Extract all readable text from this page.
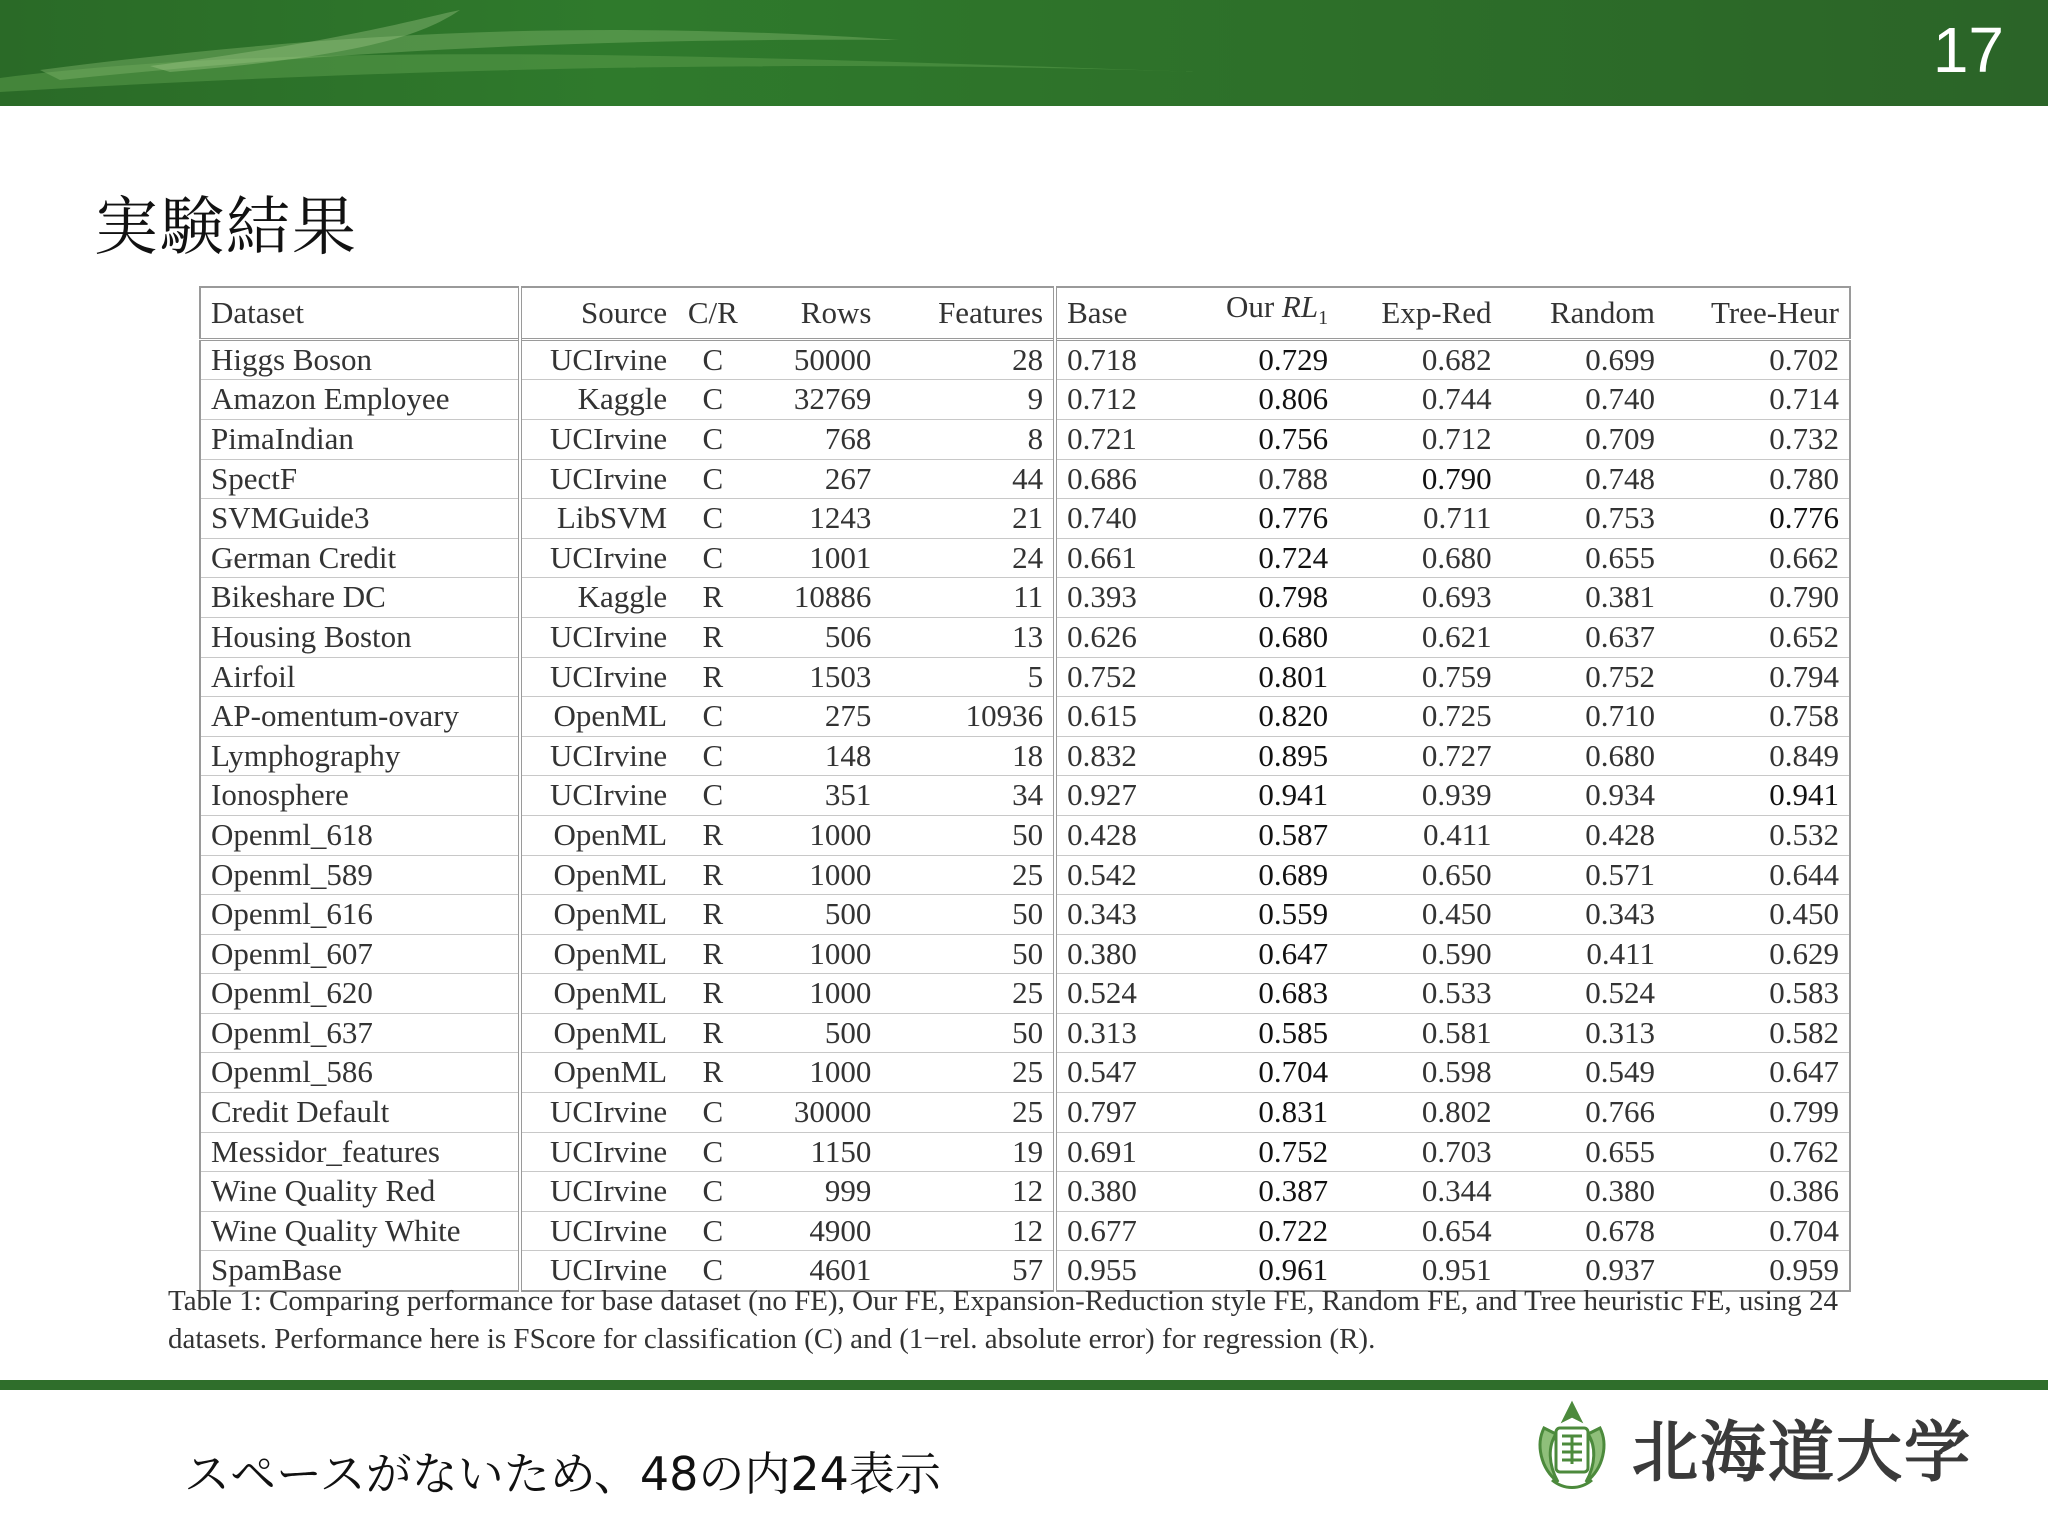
17
実験結果
Dataset	Source	C/R	Rows	Features	Base	Our $RL_1$	Exp-Red	Random	Tree-Heur
Higgs Boson	UCIrvine	C	50000	28	0.718	0.729	0.682	0.699	0.702
Amazon Employee	Kaggle	C	32769	9	0.712	0.806	0.744	0.740	0.714
PimaIndian	UCIrvine	C	768	8	0.721	0.756	0.712	0.709	0.732
SpectF	UCIrvine	C	267	44	0.686	0.788	0.790	0.748	0.780
SVMGuide3	LibSVM	C	1243	21	0.740	0.776	0.711	0.753	0.776
German Credit	UCIrvine	C	1001	24	0.661	0.724	0.680	0.655	0.662
Bikeshare DC	Kaggle	R	10886	11	0.393	0.798	0.693	0.381	0.790
Housing Boston	UCIrvine	R	506	13	0.626	0.680	0.621	0.637	0.652
Airfoil	UCIrvine	R	1503	5	0.752	0.801	0.759	0.752	0.794
AP-omentum-ovary	OpenML	C	275	10936	0.615	0.820	0.725	0.710	0.758
Lymphography	UCIrvine	C	148	18	0.832	0.895	0.727	0.680	0.849
Ionosphere	UCIrvine	C	351	34	0.927	0.941	0.939	0.934	0.941
Openml_618	OpenML	R	1000	50	0.428	0.587	0.411	0.428	0.532
Openml_589	OpenML	R	1000	25	0.542	0.689	0.650	0.571	0.644
Openml_616	OpenML	R	500	50	0.343	0.559	0.450	0.343	0.450
Openml_607	OpenML	R	1000	50	0.380	0.647	0.590	0.411	0.629
Openml_620	OpenML	R	1000	25	0.524	0.683	0.533	0.524	0.583
Openml_637	OpenML	R	500	50	0.313	0.585	0.581	0.313	0.582
Openml_586	OpenML	R	1000	25	0.547	0.704	0.598	0.549	0.647
Credit Default	UCIrvine	C	30000	25	0.797	0.831	0.802	0.766	0.799
Messidor_features	UCIrvine	C	1150	19	0.691	0.752	0.703	0.655	0.762
Wine Quality Red	UCIrvine	C	999	12	0.380	0.387	0.344	0.380	0.386
Wine Quality White	UCIrvine	C	4900	12	0.677	0.722	0.654	0.678	0.704
SpamBase	UCIrvine	C	4601	57	0.955	0.961	0.951	0.937	0.959
Table 1: Comparing performance for base dataset (no FE), Our FE, Expansion-Reduction style FE, Random FE, and Tree heuristic FE, using 24 datasets. Performance here is FScore for classification (C) and (1−rel. absolute error) for regression (R).
スペースがないため、48の内24表示	北海道大学
